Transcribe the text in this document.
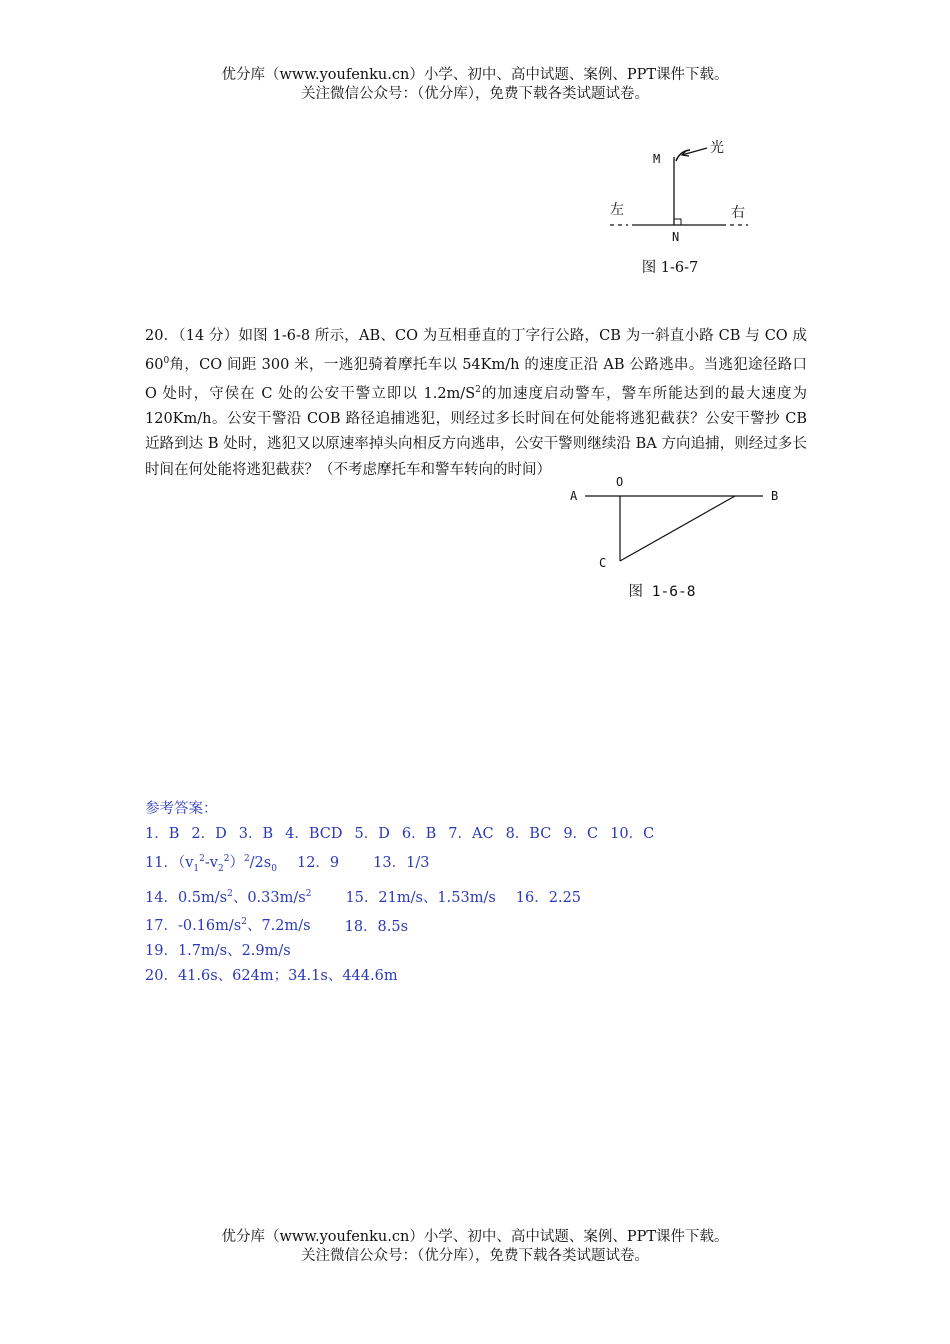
优分库（www.youfenku.cn）小学、初中、高中试题、案例、PPT课件下载。
关注微信公众号：（优分库），免费下载各类试题试卷。
M
光
左	右
N
图 1-6-7

20．（14 分）如图 1-6-8 所示，AB、CO 为互相垂直的丁字行公路，CB 为一斜直小路 CB 与 CO 成 $60^0$角，CO 间距 300 米，一逃犯骑着摩托车以 54Km/h 的速度正沿 AB 公路逃串。当逃犯途径路口 O 处时，守侯在 C 处的公安干警立即以 $1.2m/S^2$的加速度启动警车，警车所能达到的最大速度为 120Km/h。公安干警沿 COB 路径追捕逃犯，则经过多长时间在何处能将逃犯截获？公安干警抄 CB 近路到达 B 处时，逃犯又以原速率掉头向相反方向逃串，公安干警则继续沿 BA 方向追捕，则经过多长时间在何处能将逃犯截获？（不考虑摩托车和警车转向的时间）

A
O
B
C
图 1-6-8
参考答案：
1．B 2．D 3．B 4．BCD 5．D 6．B 7．AC 8．BC 9．C 10．C
11．$(v_1^2-v_2^2)^2/2s_0$ 12．9 13．1/3
14．$0.5m/s^2$、$0.33m/s^2$ 15．21m/s、1.53m/s 16．2.25
17．$-0.16m/s^2$、7.2m/s 18．8.5s
19．1.7m/s、2.9m/s
20．41.6s、624m；34.1s、444.6m
优分库（www.youfenku.cn）小学、初中、高中试题、案例、PPT课件下载。
关注微信公众号：（优分库），免费下载各类试题试卷。
